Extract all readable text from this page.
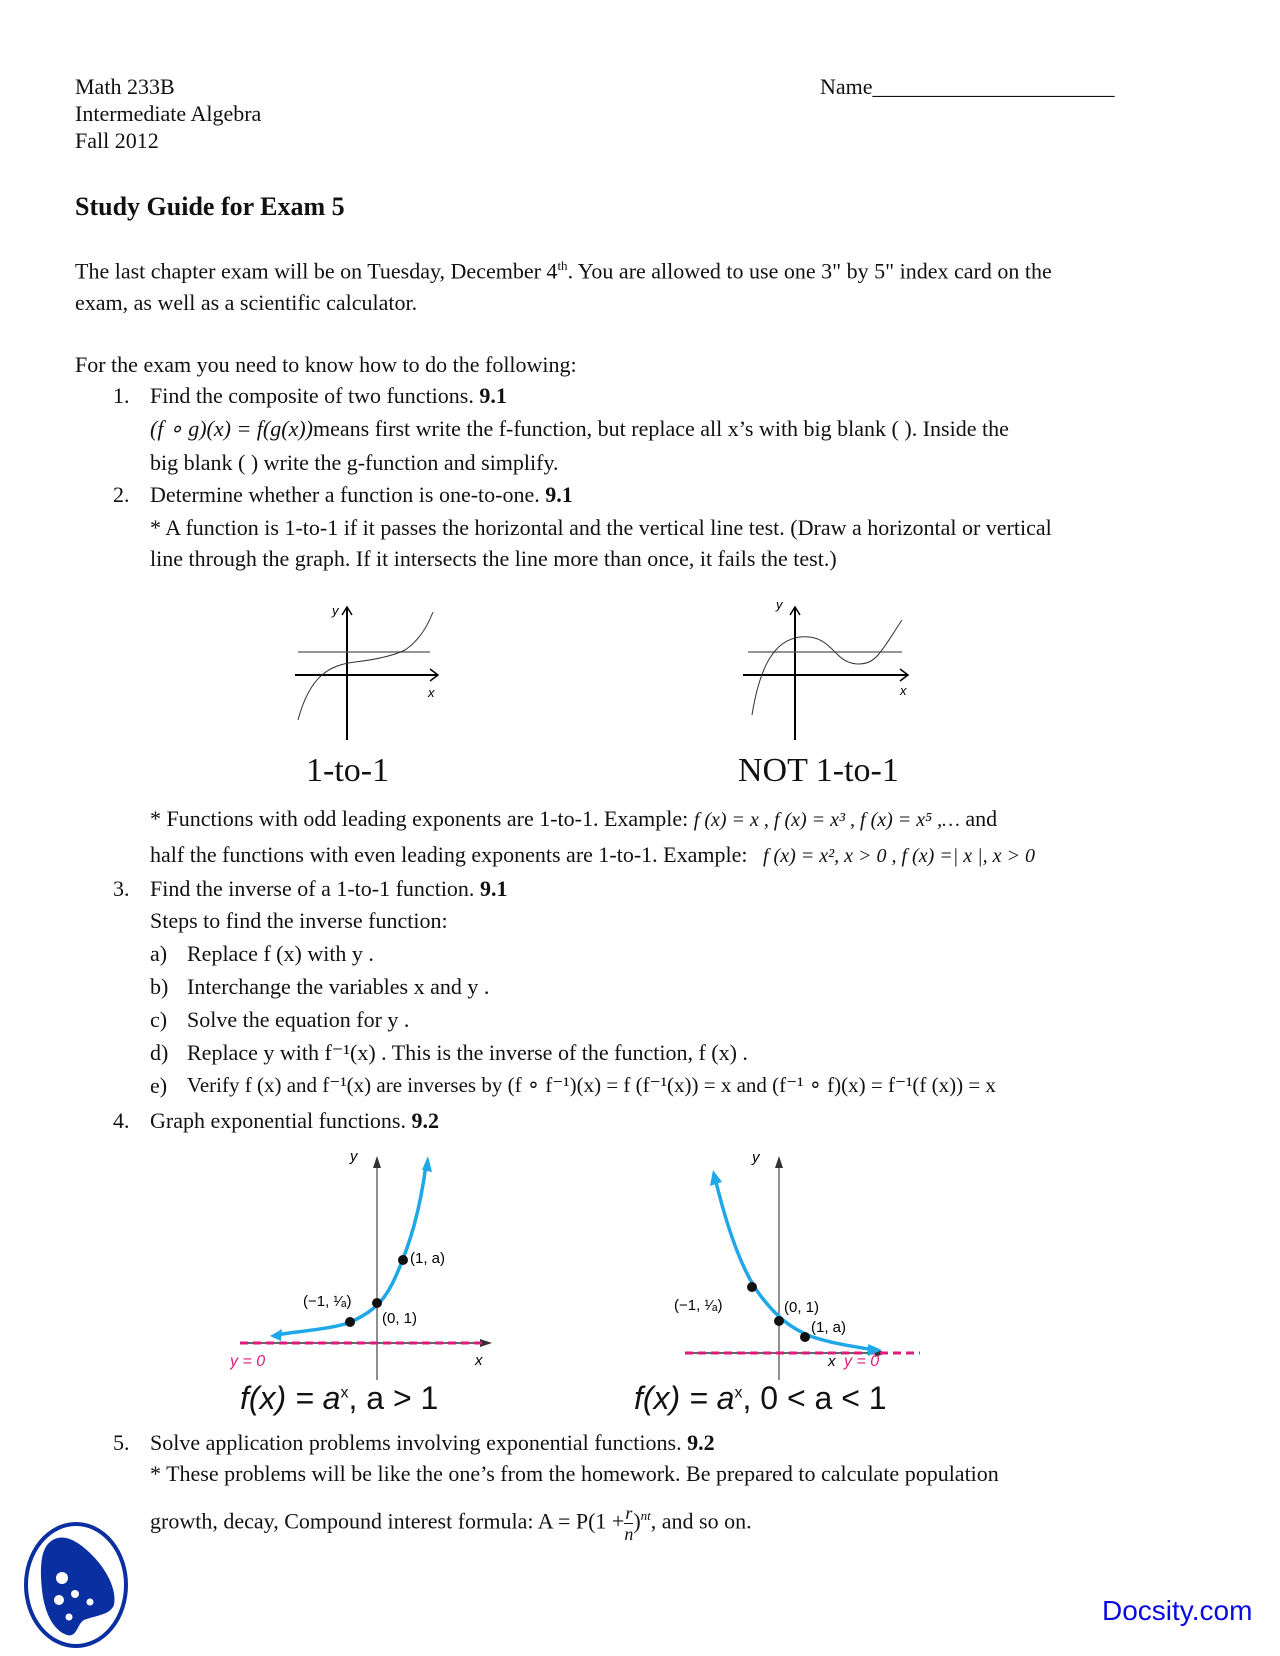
Math 233B
Intermediate Algebra
Fall 2012
Name______________________
Study Guide for Exam 5
The last chapter exam will be on Tuesday, December 4th. You are allowed to use one 3" by 5" index card on the
exam, as well as a scientific calculator.
For the exam you need to know how to do the following:
1. Find the composite of two functions. 9.1
(f ∘ g)(x) = f(g(x))means first write the f-function, but replace all x’s with big blank ( ). Inside the
big blank ( ) write the g-function and simplify.
2. Determine whether a function is one-to-one. 9.1
* A function is 1-to-1 if it passes the horizontal and the vertical line test. (Draw a horizontal or vertical
line through the graph. If it intersects the line more than once, it fails the test.)
y
x
y
x
1-to-1	NOT 1-to-1
* Functions with odd leading exponents are 1-to-1. Example: f (x) = x , f (x) = x³ , f (x) = x⁵ ,… and
half the functions with even leading exponents are 1-to-1. Example: f (x) = x², x > 0 , f (x) =| x |, x > 0
3. Find the inverse of a 1-to-1 function. 9.1
Steps to find the inverse function:
a) Replace f (x) with y .
b) Interchange the variables x and y .
c) Solve the equation for y .
d) Replace y with f⁻¹(x) . This is the inverse of the function, f (x) .
e) Verify f (x) and f⁻¹(x) are inverses by (f ∘ f⁻¹)(x) = f (f⁻¹(x)) = x and (f⁻¹ ∘ f)(x) = f⁻¹(f (x)) = x
4. Graph exponential functions. 9.2
y
x
(1, a)
(0, 1)
(−1, ¹⁄ₐ)
y = 0
y
x
(0, 1)
(1, a)
(−1, ¹⁄ₐ)
y = 0
$f(x) = a^x$, a > 1	$f(x) = a^x$, 0 < a < 1
5. Solve application problems involving exponential functions. 9.2
* These problems will be like the one’s from the homework. Be prepared to calculate population
growth, decay, Compound interest formula: $A = P(1 + \frac{r}{n} )^{nt}$, and so on.
Docsity.com
